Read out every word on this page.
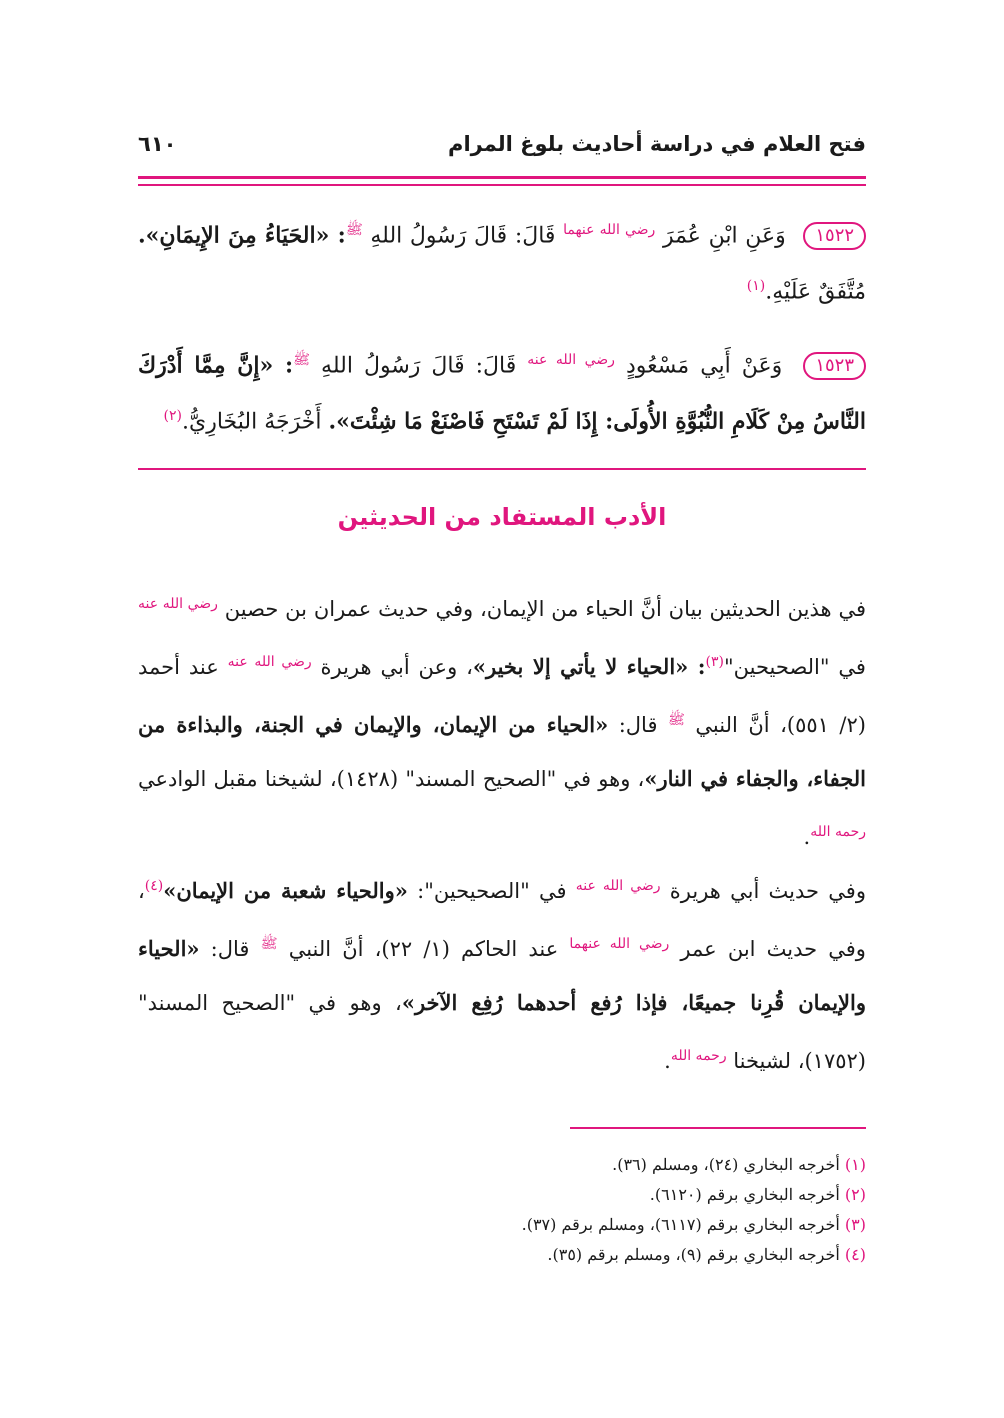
فتح العلام في دراسة أحاديث بلوغ المرام
٦١٠
١٥٢٢ وَعَنِ ابْنِ عُمَرَ $^{رضي الله عنهما}$ قَالَ: قَالَ رَسُولُ اللهِ $^ﷺ$: «الحَيَاءُ مِنَ الإِيمَانِ». مُتَّفَقٌ عَلَيْهِ.$^{(١)}$
١٥٢٣ وَعَنْ أَبِي مَسْعُودٍ $^{رضي الله عنه}$ قَالَ: قَالَ رَسُولُ اللهِ $^ﷺ$: «إِنَّ مِمَّا أَدْرَكَ النَّاسُ مِنْ كَلَامِ النُّبُوَّةِ الأُولَى: إِذَا لَمْ تَسْتَحِ فَاصْنَعْ مَا شِئْتَ». أَخْرَجَهُ البُخَارِيُّ.$^{(٢)}$
الأدب المستفاد من الحديثين
في هذين الحديثين بيان أنَّ الحياء من الإيمان، وفي حديث عمران بن حصين $^{رضي الله عنه}$ في "الصحيحين"$^{(٣)}$: «الحياء لا يأتي إلا بخير»، وعن أبي هريرة $^{رضي الله عنه}$ عند أحمد (٢/ ٥٥١)، أنَّ النبي $^ﷺ$ قال: «الحياء من الإيمان، والإيمان في الجنة، والبذاءة من الجفاء، والجفاء في النار»، وهو في "الصحيح المسند" (١٤٢٨)، لشيخنا مقبل الوادعي $^{رحمه الله}$.
وفي حديث أبي هريرة $^{رضي الله عنه}$ في "الصحيحين": «والحياء شعبة من الإيمان»$^{(٤)}$، وفي حديث ابن عمر $^{رضي الله عنهما}$ عند الحاكم (١/ ٢٢)، أنَّ النبي $^ﷺ$ قال: «الحياء والإيمان قُرِنا جميعًا، فإذا رُفع أحدهما رُفِع الآخر»، وهو في "الصحيح المسند" (١٧٥٢)، لشيخنا $^{رحمه الله}$.
(١) أخرجه البخاري (٢٤)، ومسلم (٣٦).
(٢) أخرجه البخاري برقم (٦١٢٠).
(٣) أخرجه البخاري برقم (٦١١٧)، ومسلم برقم (٣٧).
(٤) أخرجه البخاري برقم (٩)، ومسلم برقم (٣٥).
